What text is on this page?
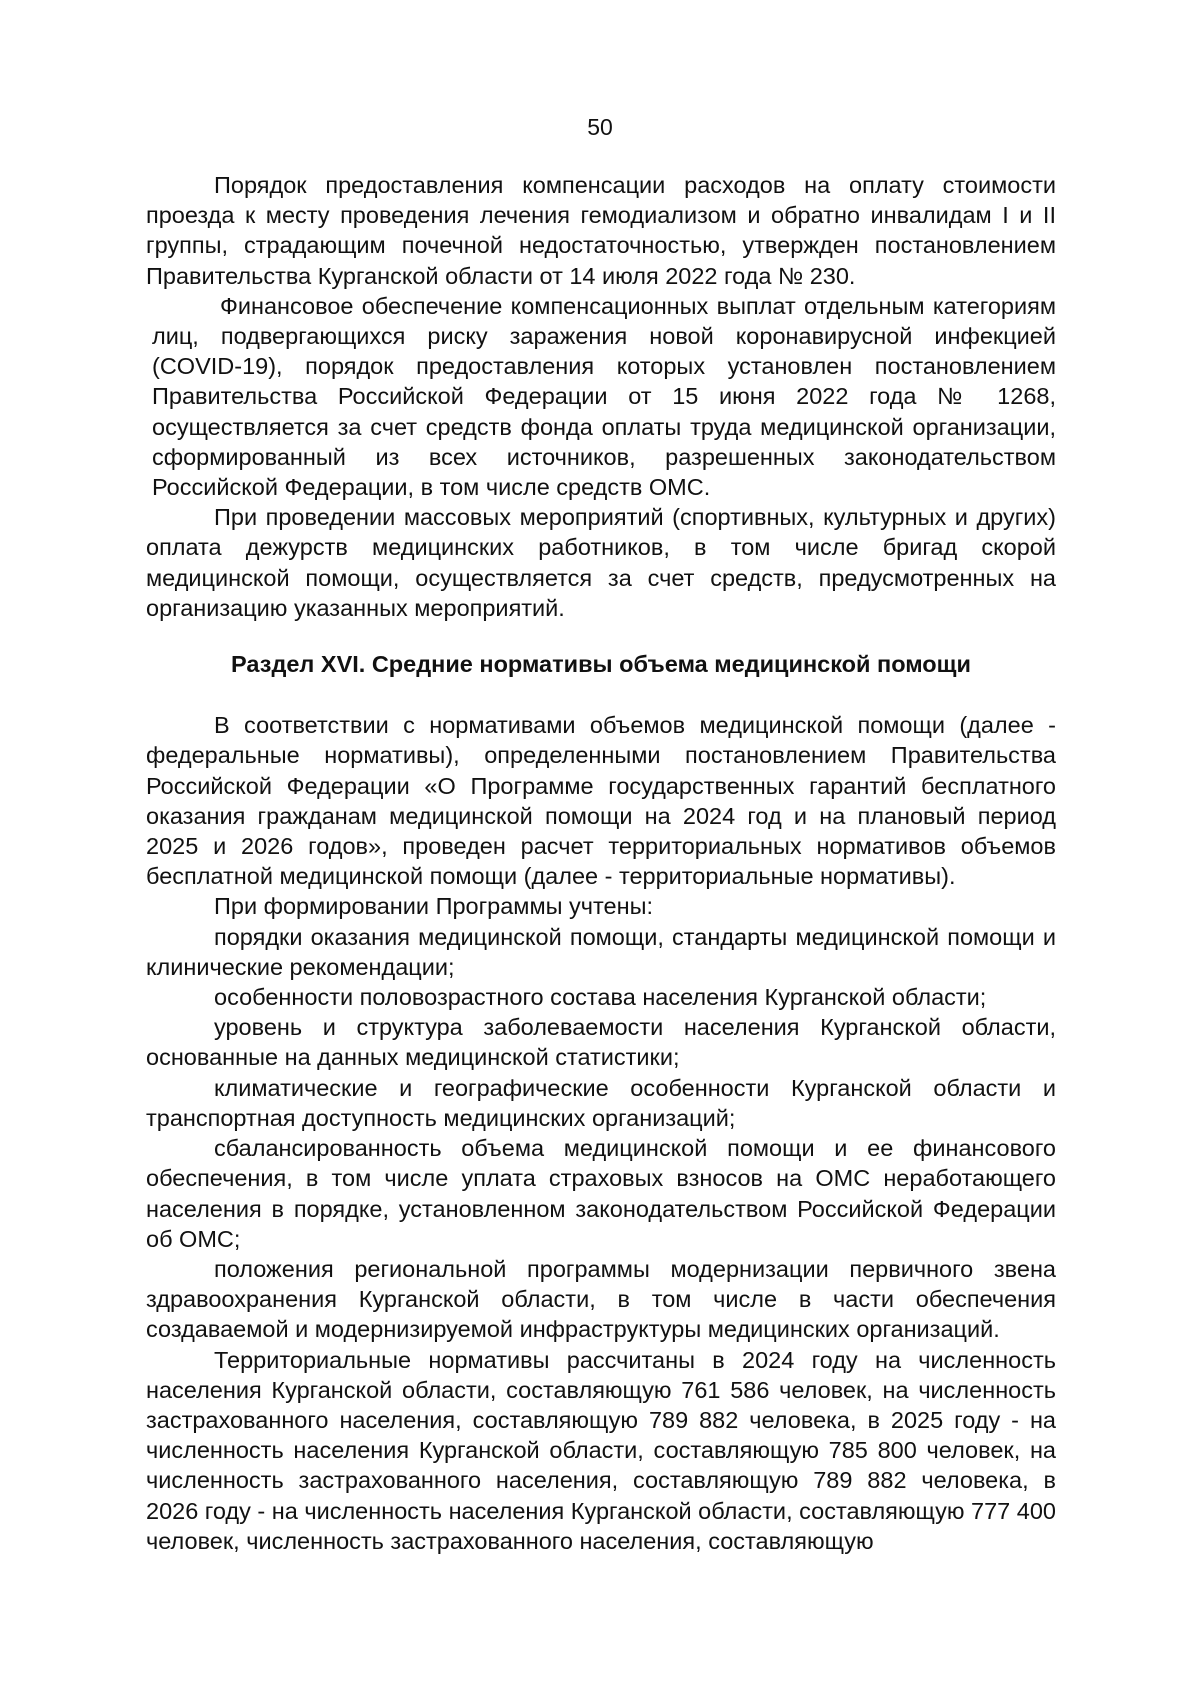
50

Порядок предоставления компенсации расходов на оплату стоимости проезда к месту проведения лечения гемодиализом и обратно инвалидам I и II группы, страдающим почечной недостаточностью, утвержден постановлением Правительства Курганской области от 14 июля 2022 года № 230.

Финансовое обеспечение компенсационных выплат отдельным категориям лиц, подвергающихся риску заражения новой коронавирусной инфекцией (COVID-19), порядок предоставления которых установлен постановлением Правительства Российской Федерации от 15 июня 2022 года № 1268, осуществляется за счет средств фонда оплаты труда медицинской организации, сформированный из всех источников, разрешенных законодательством Российской Федерации, в том числе средств ОМС.

При проведении массовых мероприятий (спортивных, культурных и других) оплата дежурств медицинских работников, в том числе бригад скорой медицинской помощи, осуществляется за счет средств, предусмотренных на организацию указанных мероприятий.

Раздел XVI. Средние нормативы объема медицинской помощи

В соответствии с нормативами объемов медицинской помощи (далее - федеральные нормативы), определенными постановлением Правительства Российской Федерации «О Программе государственных гарантий бесплатного оказания гражданам медицинской помощи на 2024 год и на плановый период 2025 и 2026 годов», проведен расчет территориальных нормативов объемов бесплатной медицинской помощи (далее - территориальные нормативы).

При формировании Программы учтены:

порядки оказания медицинской помощи, стандарты медицинской помощи и клинические рекомендации;

особенности половозрастного состава населения Курганской области;

уровень и структура заболеваемости населения Курганской области, основанные на данных медицинской статистики;

климатические и географические особенности Курганской области и транспортная доступность медицинских организаций;

сбалансированность объема медицинской помощи и ее финансового обеспечения, в том числе уплата страховых взносов на ОМС неработающего населения в порядке, установленном законодательством Российской Федерации об ОМС;

положения региональной программы модернизации первичного звена здравоохранения Курганской области, в том числе в части обеспечения создаваемой и модернизируемой инфраструктуры медицинских организаций.

Территориальные нормативы рассчитаны в 2024 году на численность населения Курганской области, составляющую 761 586 человек, на численность застрахованного населения, составляющую 789 882 человека, в 2025 году - на численность населения Курганской области, составляющую 785 800 человек, на численность застрахованного населения, составляющую 789 882 человека, в 2026 году - на численность населения Курганской области, составляющую 777 400 человек, численность застрахованного населения, составляющую
